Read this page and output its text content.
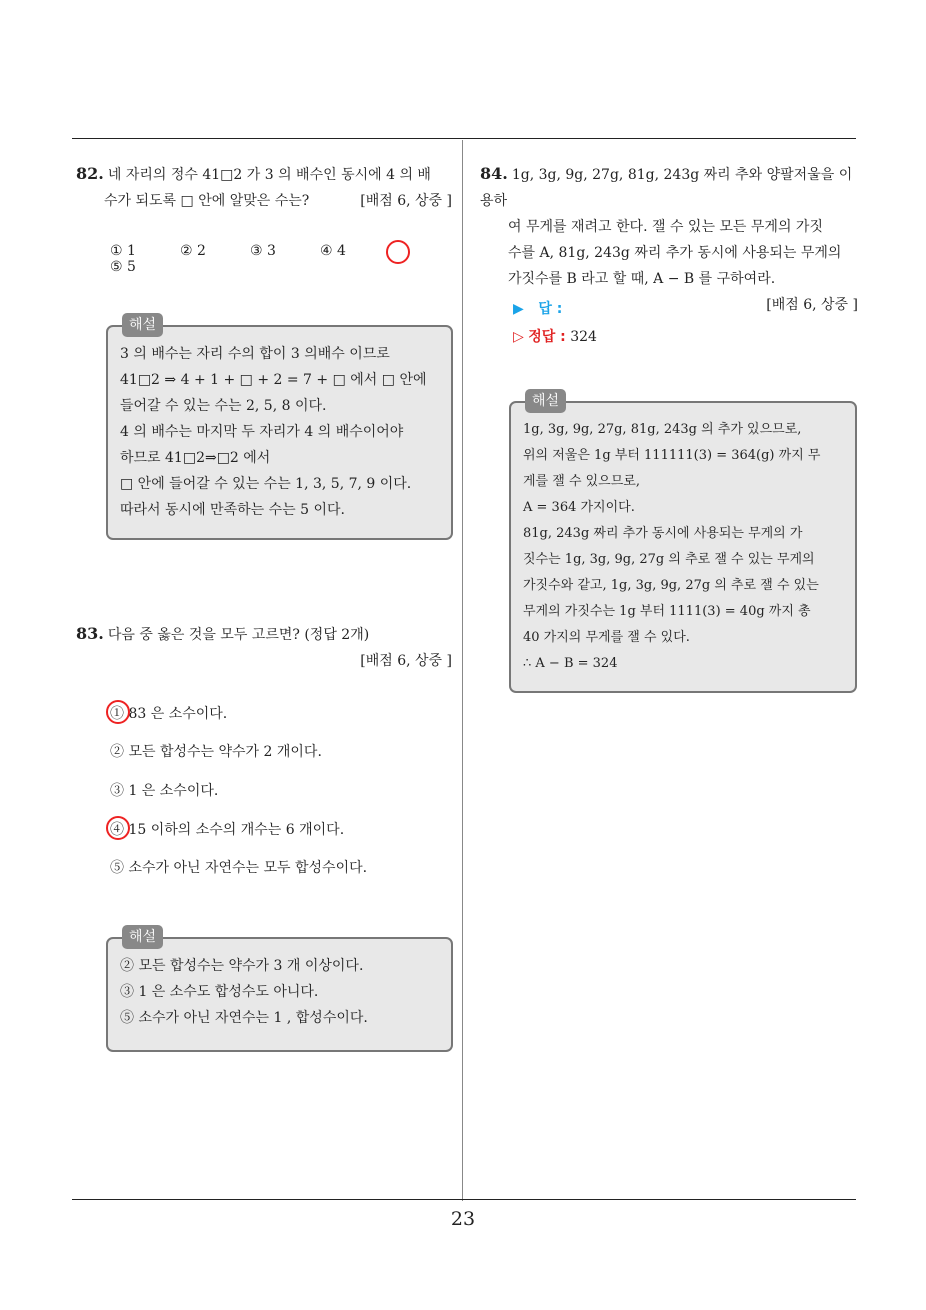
23
82. 네 자리의 정수 41□2 가 3 의 배수인 동시에 4 의 배
수가 되도록 □ 안에 알맞은 수는?	[배점 6, 상중 ]
① 1	② 2	③ 3	④ 4⑤ 5
해설
3 의 배수는 자리 수의 합이 3 의배수 이므로
41□2 ⇒ 4 + 1 + □ + 2 = 7 + □ 에서 □ 안에
들어갈 수 있는 수는 2, 5, 8 이다.
4 의 배수는 마지막 두 자리가 4 의 배수이어야
하므로 41□2⇒□2 에서
□ 안에 들어갈 수 있는 수는 1, 3, 5, 7, 9 이다.
따라서 동시에 만족하는 수는 5 이다.
83. 다음 중 옳은 것을 모두 고르면? (정답 2개)
[배점 6, 상중 ]
① 83 은 소수이다.
② 모든 합성수는 약수가 2 개이다.
③ 1 은 소수이다.
④ 15 이하의 소수의 개수는 6 개이다.
⑤ 소수가 아닌 자연수는 모두 합성수이다.
해설
② 모든 합성수는 약수가 3 개 이상이다.
③ 1 은 소수도 합성수도 아니다.
⑤ 소수가 아닌 자연수는 1 , 합성수이다.
84. 1g, 3g, 9g, 27g, 81g, 243g 짜리 추와 양팔저울을 이용하
여 무게를 재려고 한다. 잴 수 있는 모든 무게의 가짓
수를 A, 81g, 243g 짜리 추가 동시에 사용되는 무게의
가짓수를 B 라고 할 때, A − B 를 구하여라.
[배점 6, 상중 ]
▶ 답 :
▷ 정답 : 324
해설
1g, 3g, 9g, 27g, 81g, 243g 의 추가 있으므로,
위의 저울은 1g 부터 111111(3) = 364(g) 까지 무
게를 잴 수 있으므로,
A = 364 가지이다.
81g, 243g 짜리 추가 동시에 사용되는 무게의 가
짓수는 1g, 3g, 9g, 27g 의 추로 잴 수 있는 무게의
가짓수와 같고, 1g, 3g, 9g, 27g 의 추로 잴 수 있는
무게의 가짓수는 1g 부터 1111(3) = 40g 까지 총
40 가지의 무게를 잴 수 있다.
∴ A − B = 324
